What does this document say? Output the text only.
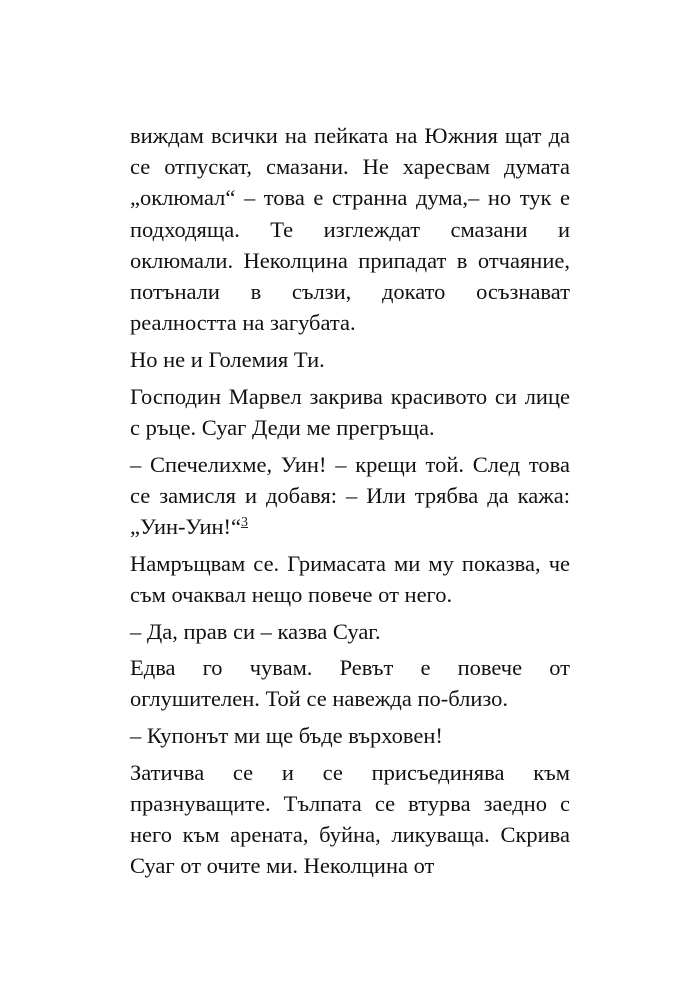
виждам всички на пейката на Южния щат да се отпускат, смазани. Не харесвам думата „оклюмал“ – това е странна дума,– но тук е подходяща. Те изглеждат смазани и оклюмали. Неколцина припадат в отчаяние, потънали в сълзи, докато осъзнават реалността на загубата.

Но не и Големия Ти.

Господин Марвел закрива красивото си лице с ръце. Суаг Деди ме прегръща.

– Спечелихме, Уин! – крещи той. След това се замисля и добавя: – Или трябва да кажа: „Уин-Уин!“$^3$

Намръщвам се. Гримасата ми му показва, че съм очаквал нещо повече от него.

– Да, прав си – казва Суаг.

Едва го чувам. Ревът е повече от оглушителен. Той се навежда по-близо.

– Купонът ми ще бъде върховен!

Затичва се и се присъединява към празнуващите. Тълпата се втурва заедно с него към арената, буйна, ликуваща. Скрива Суаг от очите ми. Неколцина от
